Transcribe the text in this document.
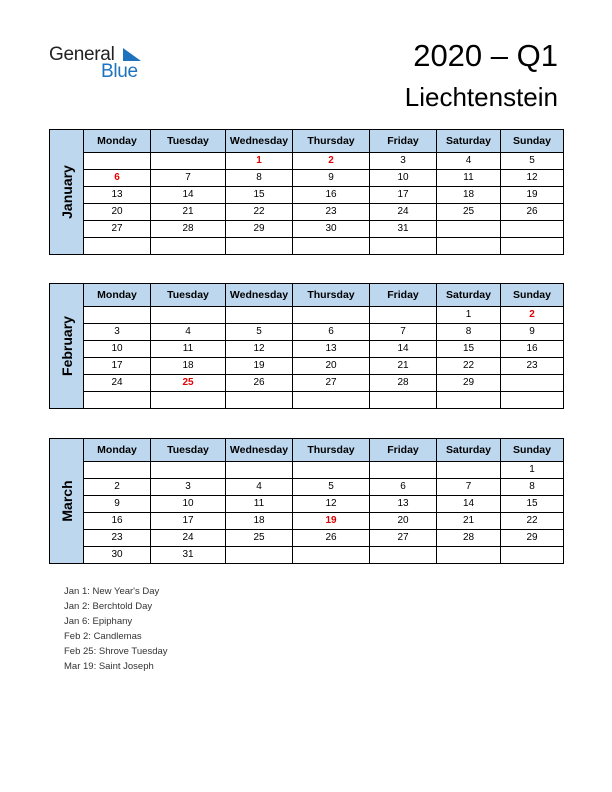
General
Blue	2020 – Q1
Liechtenstein
January
Monday	Tuesday	Wednesday	Thursday	Friday	Saturday	Sunday
		1	2	3	4	5
6	7	8	9	10	11	12
13	14	15	16	17	18	19
20	21	22	23	24	25	26
27	28	29	30	31		

February
Monday	Tuesday	Wednesday	Thursday	Friday	Saturday	Sunday
					1	2
3	4	5	6	7	8	9
10	11	12	13	14	15	16
17	18	19	20	21	22	23
24	25	26	27	28	29	

March
Monday	Tuesday	Wednesday	Thursday	Friday	Saturday	Sunday
						1
2	3	4	5	6	7	8
9	10	11	12	13	14	15
16	17	18	19	20	21	22
23	24	25	26	27	28	29
30	31					
Jan 1: New Year's Day
Jan 2: Berchtold Day
Jan 6: Epiphany
Feb 2: Candlemas
Feb 25: Shrove Tuesday
Mar 19: Saint Joseph
